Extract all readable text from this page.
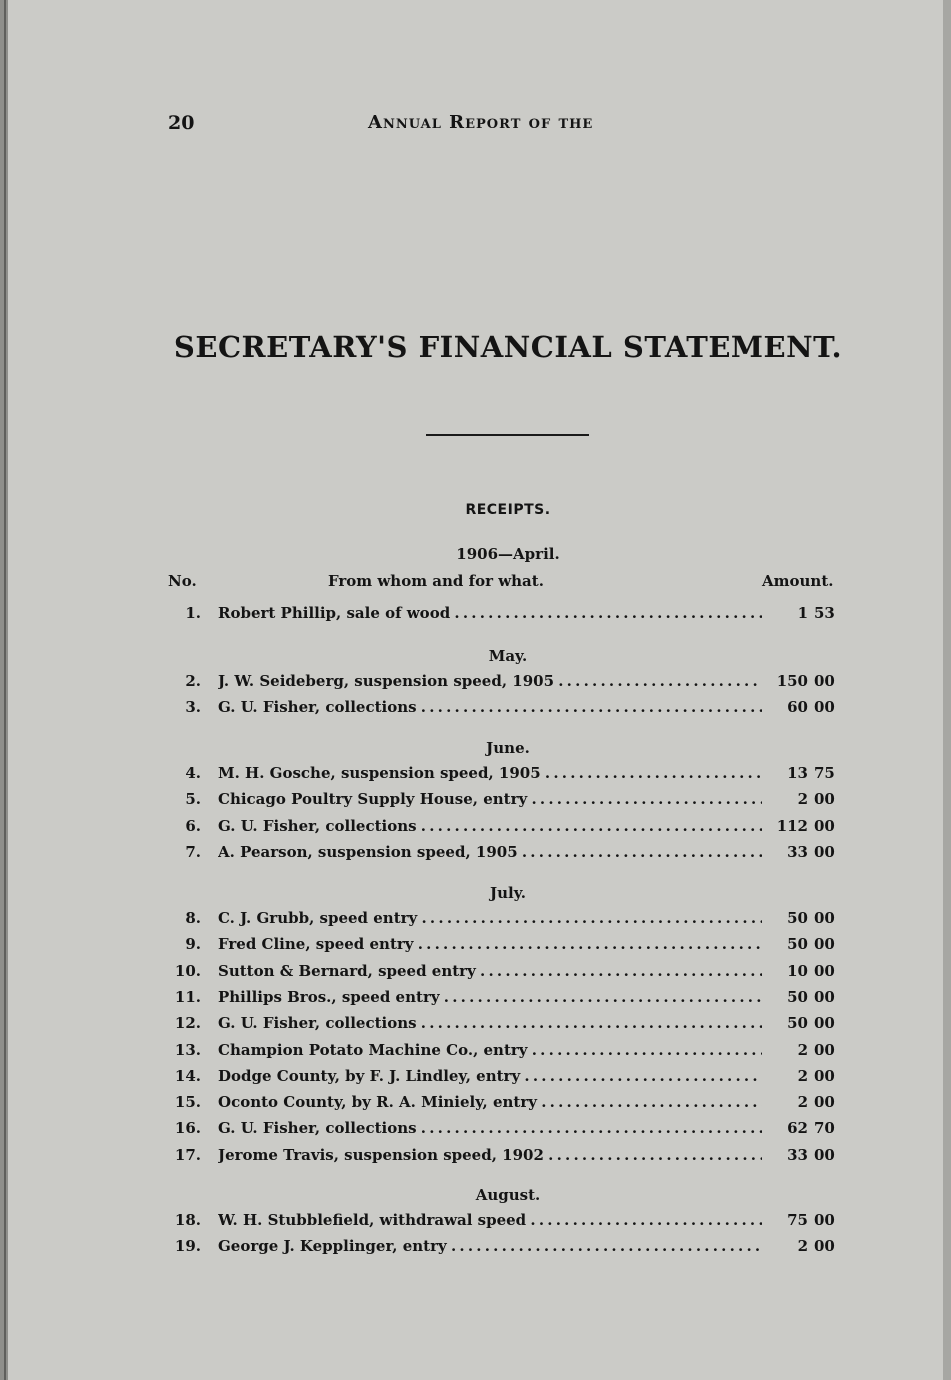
20	Annual Report of the
SECRETARY'S FINANCIAL STATEMENT.
RECEIPTS.
No.	From whom and for what.	Amount.
1906—April.
1. Robert Phillip, sale of wood . . .	1 53
May.
2. J. W. Seideberg, suspension speed, 1905 . . .	150 00
3. G. U. Fisher, collections . . .	60 00
June.
4. M. H. Gosche, suspension speed, 1905 . . .	13 75
5. Chicago Poultry Supply House, entry . . .	2 00
6. G. U. Fisher, collections . . .	112 00
7. A. Pearson, suspension speed, 1905 . . .	33 00
July.
8. C. J. Grubb, speed entry . . .	50 00
9. Fred Cline, speed entry . . .	50 00
10. Sutton & Bernard, speed entry . . .	10 00
11. Phillips Bros., speed entry . . .	50 00
12. G. U. Fisher, collections . . .	50 00
13. Champion Potato Machine Co., entry . . .	2 00
14. Dodge County, by F. J. Lindley, entry . . .	2 00
15. Oconto County, by R. A. Miniely, entry . . .	2 00
16. G. U. Fisher, collections . . .	62 70
17. Jerome Travis, suspension speed, 1902 . . .	33 00
August.
18. W. H. Stubblefield, withdrawal speed . . .	75 00
19. George J. Kepplinger, entry . . .	2 00
